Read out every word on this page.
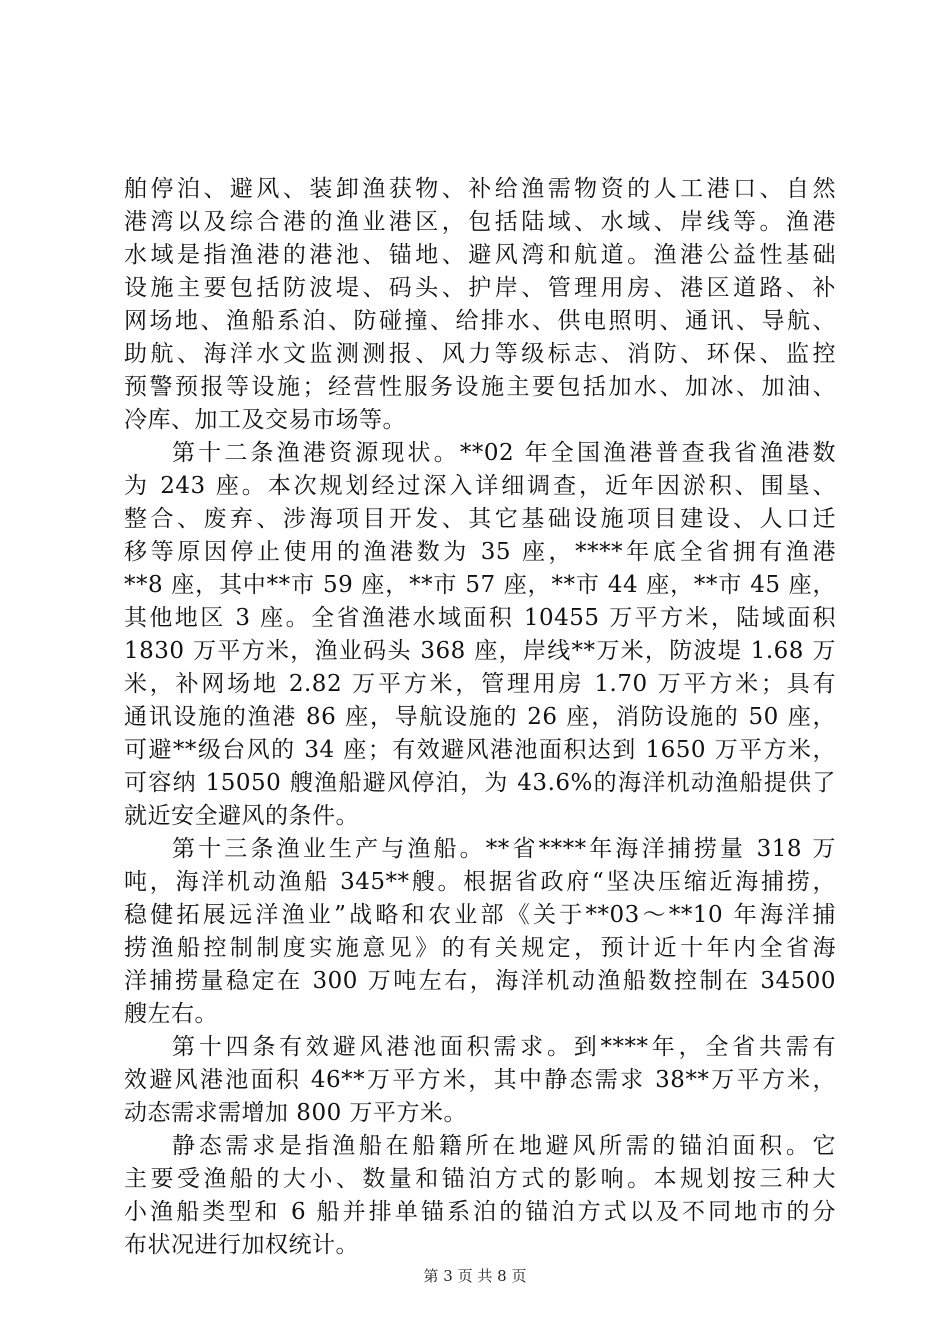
舶停泊、避风、装卸渔获物、补给渔需物资的人工港口、自然
港湾以及综合港的渔业港区，包括陆域、水域、岸线等。渔港
水域是指渔港的港池、锚地、避风湾和航道。渔港公益性基础
设施主要包括防波堤、码头、护岸、管理用房、港区道路、补
网场地、渔船系泊、防碰撞、给排水、供电照明、通讯、导航、
助航、海洋水文监测测报、风力等级标志、消防、环保、监控
预警预报等设施；经营性服务设施主要包括加水、加冰、加油、
冷库、加工及交易市场等。
第十二条渔港资源现状。**02 年全国渔港普查我省渔港数
为 243 座。本次规划经过深入详细调查，近年因淤积、围垦、
整合、废弃、涉海项目开发、其它基础设施项目建设、人口迁
移等原因停止使用的渔港数为 35 座，****年底全省拥有渔港
**8 座，其中**市 59 座，**市 57 座，**市 44 座，**市 45 座，
其他地区 3 座。全省渔港水域面积 10455 万平方米，陆域面积
1830 万平方米，渔业码头 368 座，岸线**万米，防波堤 1.68 万
米，补网场地 2.82 万平方米，管理用房 1.70 万平方米；具有
通讯设施的渔港 86 座，导航设施的 26 座，消防设施的 50 座，
可避**级台风的 34 座；有效避风港池面积达到 1650 万平方米，
可容纳 15050 艘渔船避风停泊，为 43.6%的海洋机动渔船提供了
就近安全避风的条件。
第十三条渔业生产与渔船。**省****年海洋捕捞量 318 万
吨，海洋机动渔船 345**艘。根据省政府“坚决压缩近海捕捞，
稳健拓展远洋渔业”战略和农业部《关于**03～**10 年海洋捕
捞渔船控制制度实施意见》的有关规定，预计近十年内全省海
洋捕捞量稳定在 300 万吨左右，海洋机动渔船数控制在 34500
艘左右。
第十四条有效避风港池面积需求。到****年，全省共需有
效避风港池面积 46**万平方米，其中静态需求 38**万平方米，
动态需求需增加 800 万平方米。
静态需求是指渔船在船籍所在地避风所需的锚泊面积。它
主要受渔船的大小、数量和锚泊方式的影响。本规划按三种大
小渔船类型和 6 船并排单锚系泊的锚泊方式以及不同地市的分
布状况进行加权统计。
第 3 页 共 8 页
